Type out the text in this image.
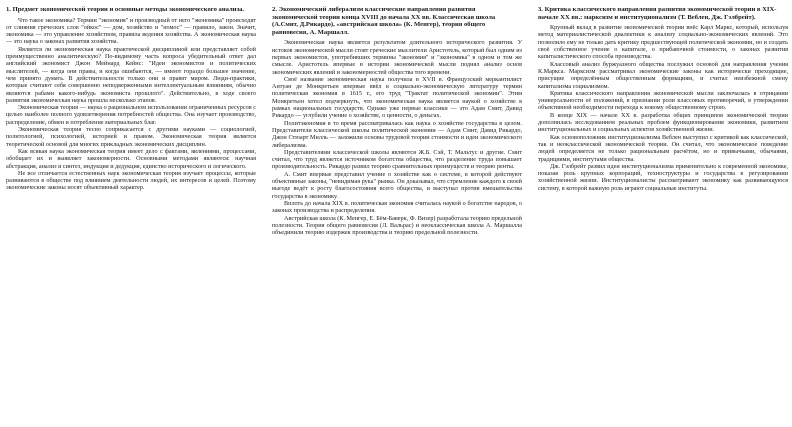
1. Предмет экономической теории и основные методы экономического анализа.

Что такое экономика? Термин "экономия" и производный от него "экономика" происходят от слияния греческих слов "ойкос" — дом, хозяйство и "номос" — правило, закон. Значит, экономика — это управление хозяйством, правила ведения хозяйства. А экономическая наука — это наука о законах развития хозяйства.

Является ли экономическая наука практической дисциплиной или представляет собой преимущественно аналитическую? По-видимому часть вопроса убедительный ответ дал английский экономист Джон Мейнард Кейнс: "Идеи экономистов и политических мыслителей, — когда они правы, и когда ошибаются, — имеют гораздо большее значение, чем принято думать. В действительности только они и правят миром. Люди-практики, которые считают себя совершенно неподверженными интеллектуальным влияниям, обычно являются рабами какого-нибудь экономиста прошлого". Действительно, в ходе своего развития экономическая наука прошла несколько этапов.

Экономическая теория — наука о рациональном использовании ограниченных ресурсов с целью наиболее полного удовлетворения потребностей общества. Она изучает производство, распределение, обмен и потребление материальных благ.

Экономическая теория тесно соприкасается с другими науками — социологией, политологией, психологией, историей и правом. Экономическая теория является теоретической основой для многих прикладных экономических дисциплин.

Как всякая наука экономическая теория имеет дело с фактами, явлениями, процессами, обобщает их и выявляет закономерности. Основными методами являются: научная абстракция, анализ и синтез, индукция и дедукция, единство исторического и логического.

Не все отличается естественных наук экономическая теория изучает процессы, которые развиваются в обществе под влиянием деятельности людей, их интересов и целей. Поэтому экономические законы носят объективный характер.

2. Экономический либерализм классические направления развития экономической теории конца XVIII до начала XX вв. Классическая школа (А.Смит, Д.Рикардо), «австрийская школа» (К. Менгер), теория общего равновесия, А. Маршалл.

Экономическая наука является результатом длительного исторического развития. У истоков экономической мысли стоят греческие мыслители Аристотель, который был одним из первых экономистов, употребивших термины "экономия" и "экономика" в одном и том же смысле. Аристотель впервые в истории экономической мысли поднял анализ основ экономических явлений и закономерностей общества того времени.

Своё название экономическая наука получила в XVII в. Французский меркантилист Антуан де Монкретьен впервые ввёл в социально-экономическую литературу термин политическая экономия в 1615 г., его труд "Трактат политической экономии". Этим Монкретьен хотел подчеркнуть, что экономическая наука является наукой о хозяйстве в рамках национальных государств. Однако уже первые классики — это Адам Смит, Давид Рикардо — углубили учение о хозяйстве, о ценности, о деньгах.

Политэкономия в то время рассматривалась как наука о хозяйстве государства в целом. Представители классической школы политической экономии — Адам Смит, Давид Рикардо, Джон Стюарт Милль — заложили основы трудовой теории стоимости и идеи экономического либерализма.

Представителями классической школы являются Ж.Б. Сэй, Т. Мальтус и другие. Смит считал, что труд является источником богатства общества, что разделение труда повышает производительность. Рикардо развил теорию сравнительных преимуществ и теорию ренты.

А. Смит впервые представил учение о хозяйстве как о системе, в которой действуют объективные законы, "невидимая рука" рынка. Он доказывал, что стремление каждого к своей выгоде ведёт к росту благосостояния всего общества, и выступал против вмешательства государства в экономику.

Вплоть до начала XIX в. политическая экономия считалась наукой о богатстве народов, о законах производства и распределения.

Австрийская школа (К. Менгер, Е. Бём-Баверк, Ф. Визер) разработала теорию предельной полезности. Теория общего равновесия (Л. Вальрас) и неоклассическая школа А. Маршалла объединили теорию издержек производства и теорию предельной полезности.

3. Критика классического направления развития экономической теории в XIX- начале XX вв.: марксизм и институционализм (Т. Веблен, Дж. Гэлбрейт).

Крупный вклад в развитие экономической теории внёс Карл Маркс, который, используя метод материалистической диалектики к анализу социально-экономических явлений. Это позволило ему не только дать критику предшествующей политической экономии, но и создать своё собственное учение о капитале, о прибавочной стоимости, о законах развития капиталистического способа производства.

Классовый анализ буржуазного общества послужил основой для направления учения К.Маркса. Марксизм рассматривал экономические законы как исторически преходящие, присущие определённым общественным формациям, и считал неизбежной смену капитализма социализмом.

Критика классического направления экономической мысли заключалась в отрицании универсальности её положений, в признании роли классовых противоречий, в утверждении объективной необходимости перехода к новому общественному строю.

В конце XIX — начале XX в. разработка общих принципов экономической теории дополнилась исследованием реальных проблем функционирования экономики, развитием институциональных и социальных аспектов хозяйственной жизни.

Как основоположник институционализма Веблен выступил с критикой как классической, так и неоклассической экономической теории. Он считал, что экономическое поведение людей определяется не только рациональным расчётом, но и привычками, обычаями, традициями, институтами общества.

Дж. Гэлбрейт развил идеи институционализма применительно к современной экономике, показав роль крупных корпораций, техноструктуры и государства в регулировании хозяйственной жизни. Институционалисты рассматривают экономику как развивающуюся систему, в которой важную роль играют социальные институты.
